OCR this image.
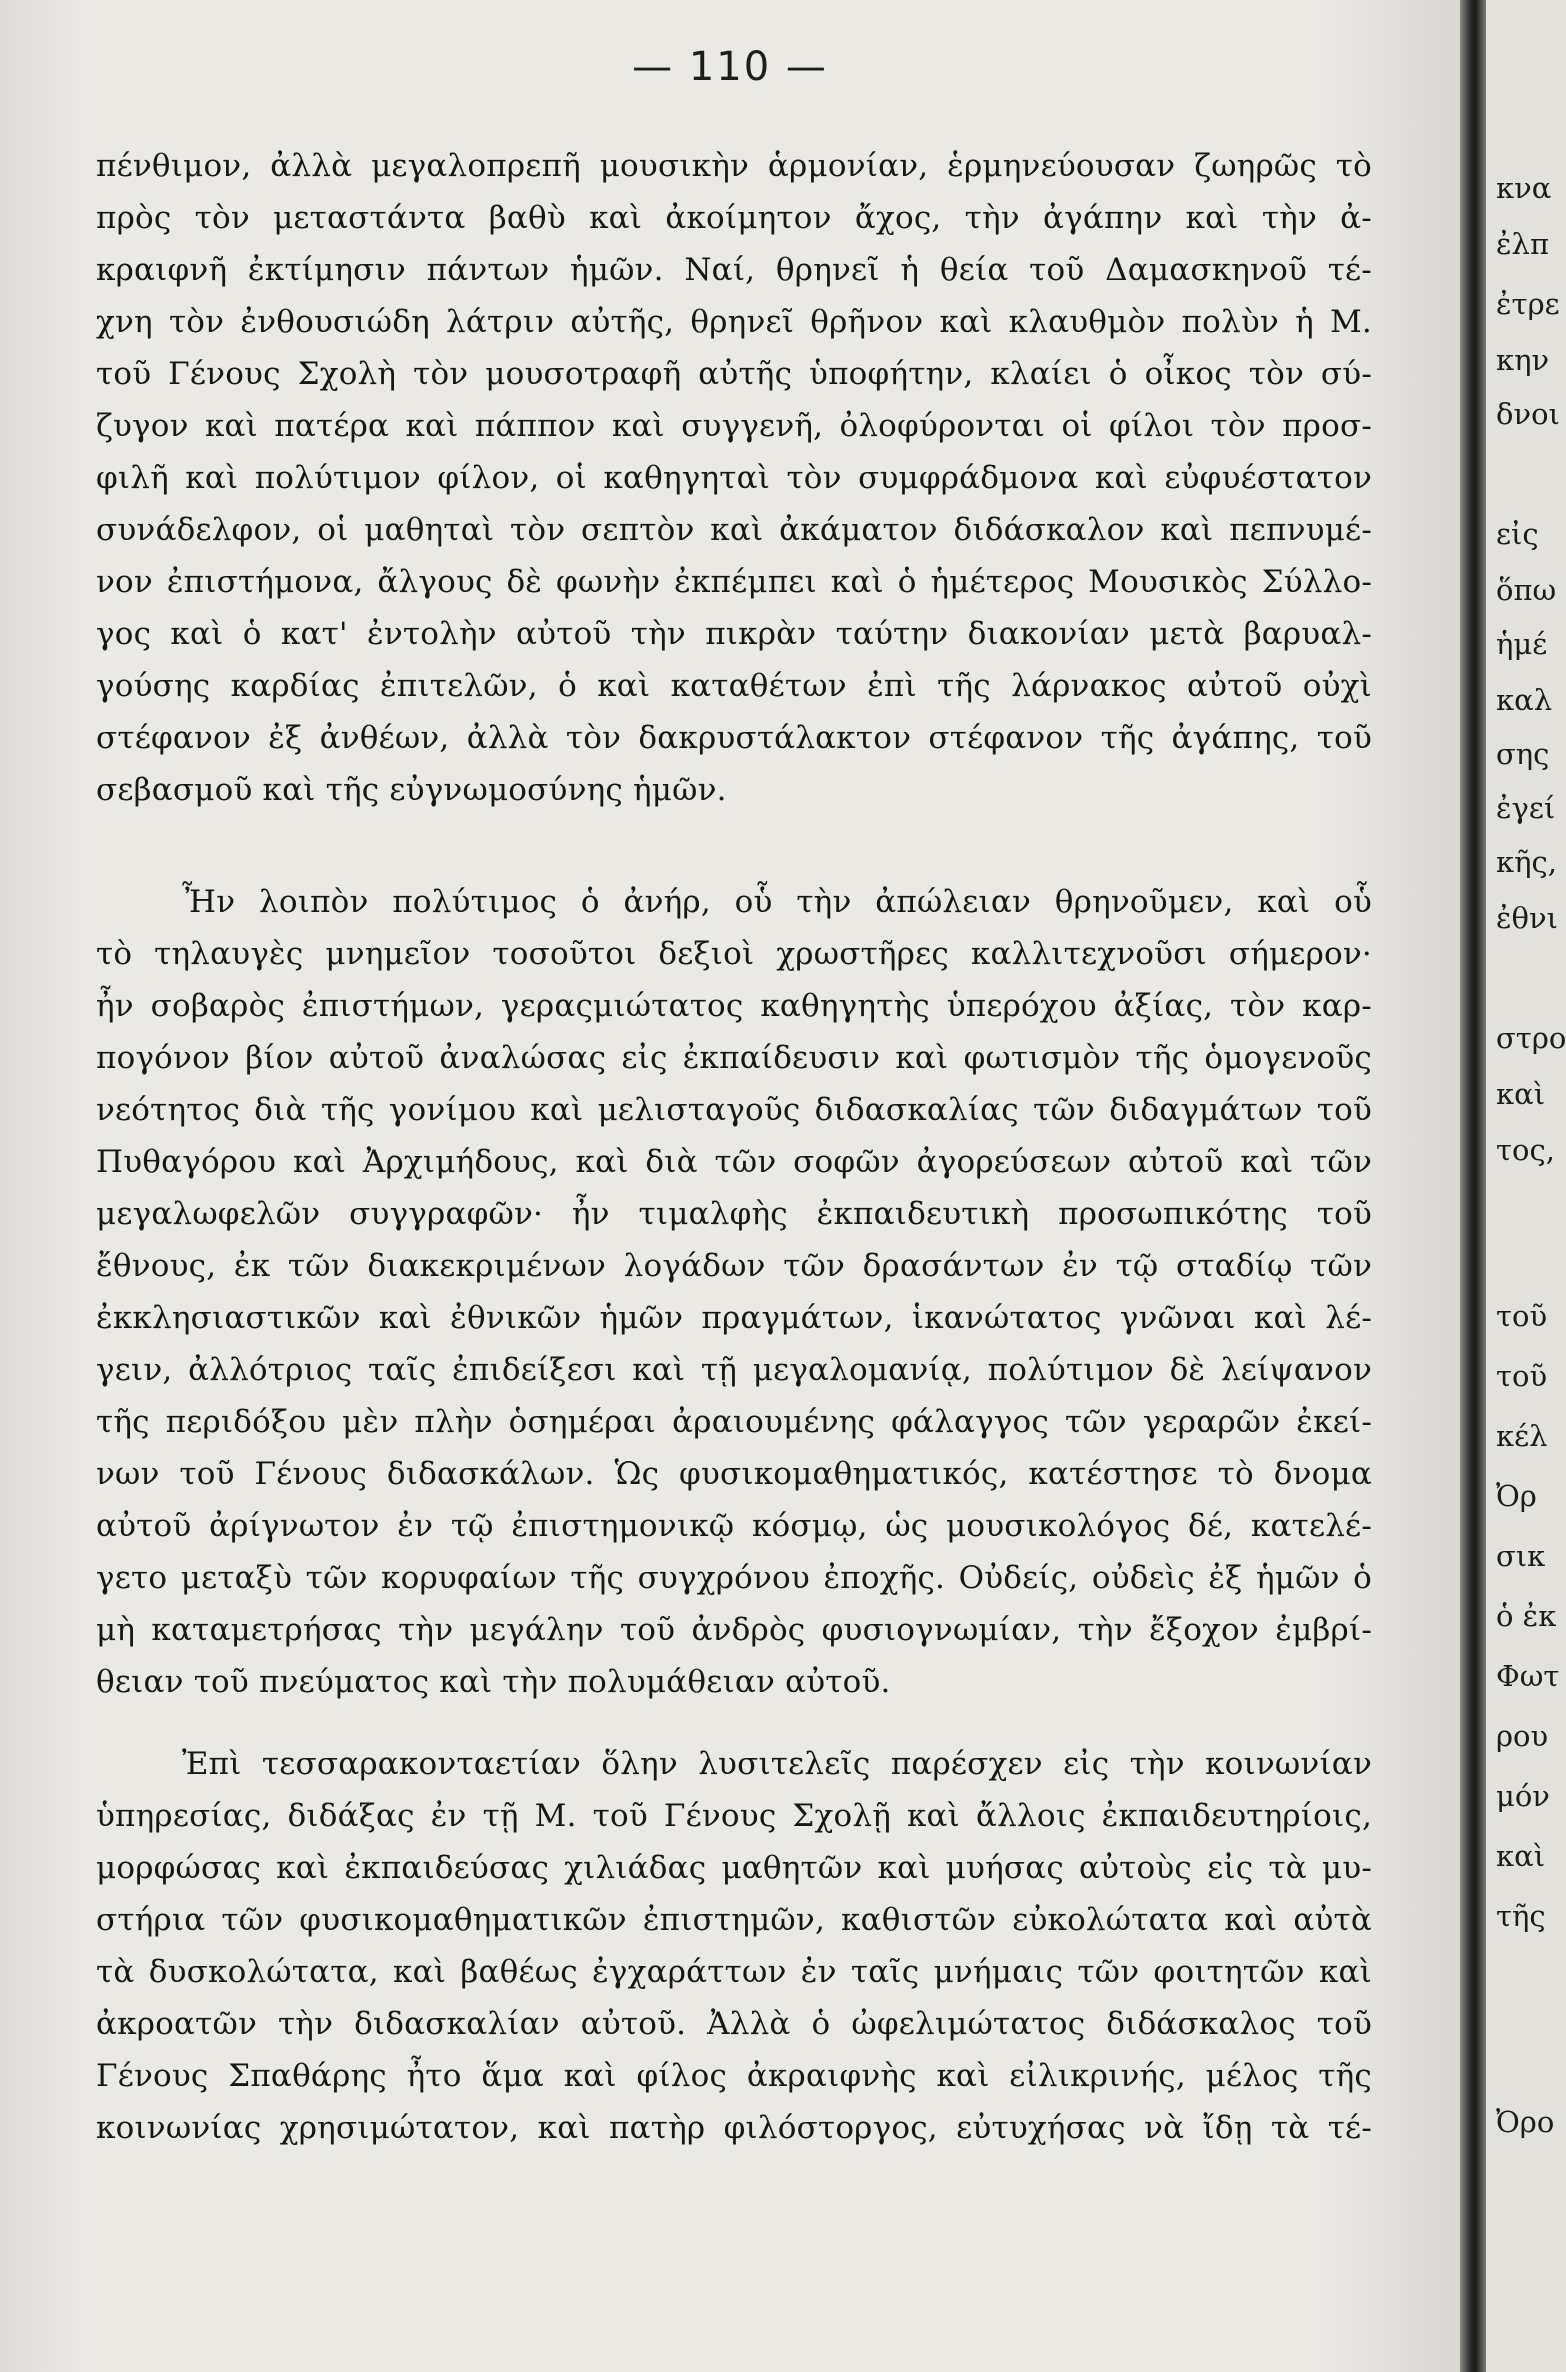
— 110 —
πένθιμον, ἀλλὰ μεγαλοπρεπῆ μουσικὴν ἁρμονίαν, ἑρμηνεύουσαν ζωηρῶς τὸ
πρὸς τὸν μεταστάντα βαθὺ καὶ ἀκοίμητον ἄχος, τὴν ἀγάπην καὶ τὴν ἀ-
κραιφνῆ ἐκτίμησιν πάντων ἡμῶν. Ναί, θρηνεῖ ἡ θεία τοῦ Δαμασκηνοῦ τέ-
χνη τὸν ἐνθουσιώδη λάτριν αὐτῆς, θρηνεῖ θρῆνον καὶ κλαυθμὸν πολὺν ἡ Μ.
τοῦ Γένους Σχολὴ τὸν μουσοτραφῆ αὐτῆς ὑποφήτην, κλαίει ὁ οἶκος τὸν σύ-
ζυγον καὶ πατέρα καὶ πάππον καὶ συγγενῆ, ὀλοφύρονται οἱ φίλοι τὸν προσ-
φιλῆ καὶ πολύτιμον φίλον, οἱ καθηγηταὶ τὸν συμφράδμονα καὶ εὐφυέστατον
συνάδελφον, οἱ μαθηταὶ τὸν σεπτὸν καὶ ἀκάματον διδάσκαλον καὶ πεπνυμέ-
νον ἐπιστήμονα, ἄλγους δὲ φωνὴν ἐκπέμπει καὶ ὁ ἡμέτερος Μουσικὸς Σύλλο-
γος καὶ ὁ κατ' ἐντολὴν αὐτοῦ τὴν πικρὰν ταύτην διακονίαν μετὰ βαρυαλ-
γούσης καρδίας ἐπιτελῶν, ὁ καὶ καταθέτων ἐπὶ τῆς λάρνακος αὐτοῦ οὐχὶ
στέφανον ἐξ ἀνθέων, ἀλλὰ τὸν δακρυστάλακτον στέφανον τῆς ἀγάπης, τοῦ
σεβασμοῦ καὶ τῆς εὐγνωμοσύνης ἡμῶν.
Ἦν λοιπὸν πολύτιμος ὁ ἀνήρ, οὗ τὴν ἀπώλειαν θρηνοῦμεν, καὶ οὗ
τὸ τηλαυγὲς μνημεῖον τοσοῦτοι δεξιοὶ χρωστῆρες καλλιτεχνοῦσι σήμερον·
ἦν σοβαρὸς ἐπιστήμων, γεραςμιώτατος καθηγητὴς ὑπερόχου ἀξίας, τὸν καρ-
πογόνον βίον αὐτοῦ ἀναλώσας εἰς ἐκπαίδευσιν καὶ φωτισμὸν τῆς ὁμογενοῦς
νεότητος διὰ τῆς γονίμου καὶ μελισταγοῦς διδασκαλίας τῶν διδαγμάτων τοῦ
Πυθαγόρου καὶ Ἀρχιμήδους, καὶ διὰ τῶν σοφῶν ἀγορεύσεων αὐτοῦ καὶ τῶν
μεγαλωφελῶν συγγραφῶν· ἦν τιμαλφὴς ἐκπαιδευτικὴ προσωπικότης τοῦ
ἔθνους, ἐκ τῶν διακεκριμένων λογάδων τῶν δρασάντων ἐν τῷ σταδίῳ τῶν
ἐκκλησιαστικῶν καὶ ἐθνικῶν ἡμῶν πραγμάτων, ἱκανώτατος γνῶναι καὶ λέ-
γειν, ἀλλότριος ταῖς ἐπιδείξεσι καὶ τῇ μεγαλομανίᾳ, πολύτιμον δὲ λείψανον
τῆς περιδόξου μὲν πλὴν ὁσημέραι ἀραιουμένης φάλαγγος τῶν γεραρῶν ἐκεί-
νων τοῦ Γένους διδασκάλων. Ὡς φυσικομαθηματικός, κατέστησε τὸ δνομα
αὐτοῦ ἀρίγνωτον ἐν τῷ ἐπιστημονικῷ κόσμῳ, ὡς μουσικολόγος δέ, κατελέ-
γετο μεταξὺ τῶν κορυφαίων τῆς συγχρόνου ἐποχῆς. Οὐδείς, οὐδεὶς ἐξ ἡμῶν ὁ
μὴ καταμετρήσας τὴν μεγάλην τοῦ ἀνδρὸς φυσιογνωμίαν, τὴν ἔξοχον ἐμβρί-
θειαν τοῦ πνεύματος καὶ τὴν πολυμάθειαν αὐτοῦ.
Ἐπὶ τεσσαρακονταετίαν ὅλην λυσιτελεῖς παρέσχεν εἰς τὴν κοινωνίαν
ὑπηρεσίας, διδάξας ἐν τῇ Μ. τοῦ Γένους Σχολῇ καὶ ἄλλοις ἐκπαιδευτηρίοις,
μορφώσας καὶ ἐκπαιδεύσας χιλιάδας μαθητῶν καὶ μυήσας αὐτοὺς εἰς τὰ μυ-
στήρια τῶν φυσικομαθηματικῶν ἐπιστημῶν, καθιστῶν εὐκολώτατα καὶ αὐτὰ
τὰ δυσκολώτατα, καὶ βαθέως ἐγχαράττων ἐν ταῖς μνήμαις τῶν φοιτητῶν καὶ
ἀκροατῶν τὴν διδασκαλίαν αὐτοῦ. Ἀλλὰ ὁ ὠφελιμώτατος διδάσκαλος τοῦ
Γένους Σπαθάρης ἦτο ἅμα καὶ φίλος ἀκραιφνὴς καὶ εἰλικρινής, μέλος τῆς
κοινωνίας χρησιμώτατον, καὶ πατὴρ φιλόστοργος, εὐτυχήσας νὰ ἴδῃ τὰ τέ-
κνα
ἐλπ
ἐτρε
κην
δνοι
εἰς
ὅπω
ἡμέ
καλ
σης
ἐγεί
κῆς,
ἐθνι
στρο
καὶ
τος,
τοῦ
τοῦ
κέλ
Ὀρ
σικ
ὁ ἐκ
Φωτ
ρου
μόν
καὶ
τῆς
Ὀρο
